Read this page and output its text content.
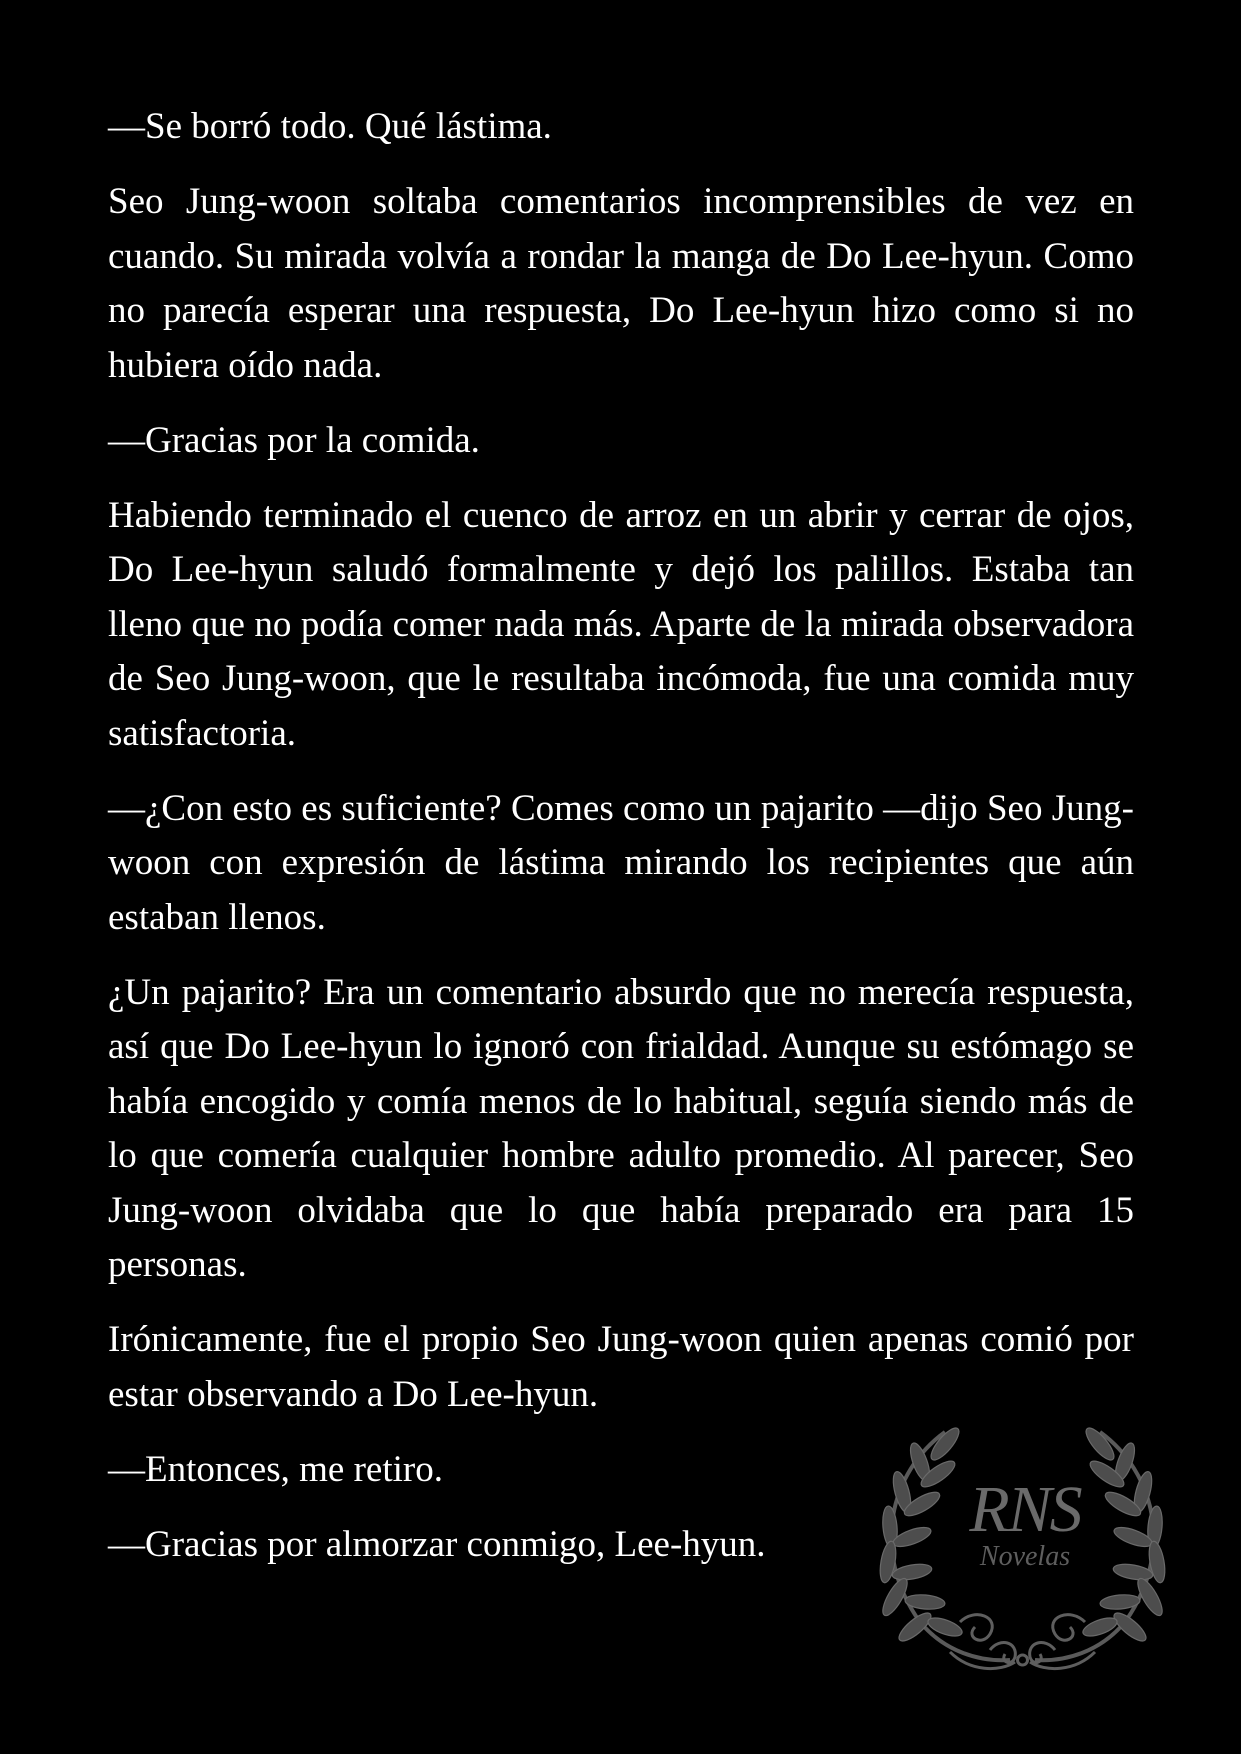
—Se borró todo. Qué lástima.

Seo Jung-woon soltaba comentarios incomprensibles de vez en cuando. Su mirada volvía a rondar la manga de Do Lee-hyun. Como no parecía esperar una respuesta, Do Lee-hyun hizo como si no hubiera oído nada.

—Gracias por la comida.

Habiendo terminado el cuenco de arroz en un abrir y cerrar de ojos, Do Lee-hyun saludó formalmente y dejó los palillos. Estaba tan lleno que no podía comer nada más. Aparte de la mirada observadora de Seo Jung-woon, que le resultaba incómoda, fue una comida muy satisfactoria.

—¿Con esto es suficiente? Comes como un pajarito —dijo Seo Jung-woon con expresión de lástima mirando los recipientes que aún estaban llenos.

¿Un pajarito? Era un comentario absurdo que no merecía respuesta, así que Do Lee-hyun lo ignoró con frialdad. Aunque su estómago se había encogido y comía menos de lo habitual, seguía siendo más de lo que comería cualquier hombre adulto promedio. Al parecer, Seo Jung-woon olvidaba que lo que había preparado era para 15 personas.

Irónicamente, fue el propio Seo Jung-woon quien apenas comió por estar observando a Do Lee-hyun.

—Entonces, me retiro.

—Gracias por almorzar conmigo, Lee-hyun.	RNS
Novelas
